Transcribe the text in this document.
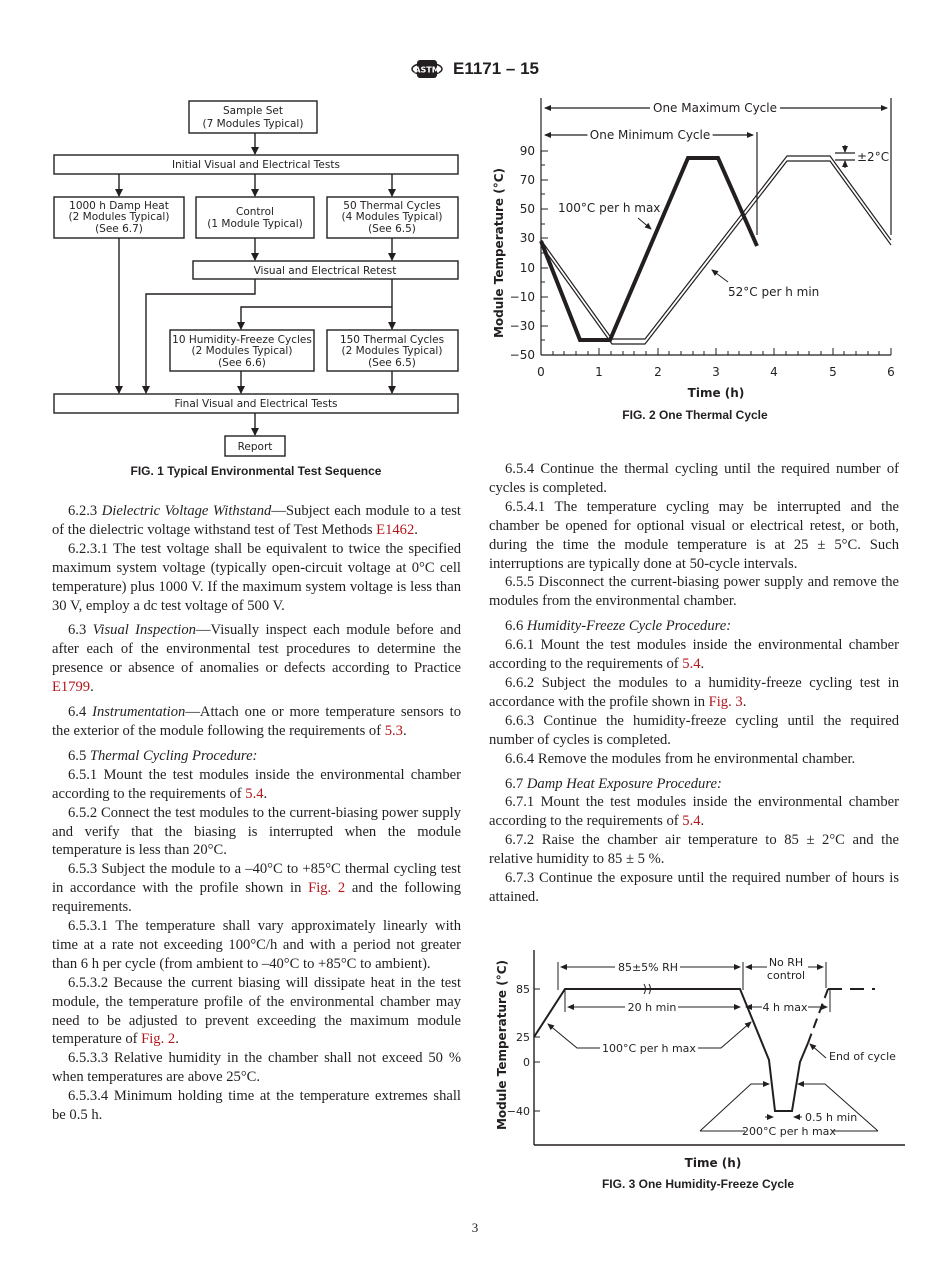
ASTM E1171 – 15
Sample Set
(7 Modules Typical)
Initial Visual and Electrical Tests
1000 h Damp Heat
(2 Modules Typical)
(See 6.7)
Control
(1 Module Typical)
50 Thermal Cycles
(4 Modules Typical)
(See 6.5)
Visual and Electrical Retest
10 Humidity-Freeze Cycles
(2 Modules Typical)
(See 6.6)
150 Thermal Cycles
(2 Modules Typical)
(See 6.5)
Final Visual and Electrical Tests
Report
FIG. 1 Typical Environmental Test Sequence
One Maximum Cycle
One Minimum Cycle
±2°C
100°C per h max
52°C per h min
90
70
50
30
10
−10
−30
−50
0	1	2	3	4	5	6
Time (h)
Module Temperature (°C)
FIG. 2 One Thermal Cycle

6.2.3 Dielectric Voltage Withstand—Subject each module to a test of the dielectric voltage withstand test of Test Methods E1462.

6.2.3.1 The test voltage shall be equivalent to twice the specified maximum system voltage (typically open-circuit voltage at 0°C cell temperature) plus 1000 V. If the maximum system voltage is less than 30 V, employ a dc test voltage of 500 V.

6.3 Visual Inspection—Visually inspect each module before and after each of the environmental test procedures to determine the presence or absence of anomalies or defects according to Practice E1799.

6.4 Instrumentation—Attach one or more temperature sensors to the exterior of the module following the requirements of 5.3.

6.5 Thermal Cycling Procedure:

6.5.1 Mount the test modules inside the environmental chamber according to the requirements of 5.4.

6.5.2 Connect the test modules to the current-biasing power supply and verify that the biasing is interrupted when the module temperature is less than 20°C.

6.5.3 Subject the module to a –40°C to +85°C thermal cycling test in accordance with the profile shown in Fig. 2 and the following requirements.

6.5.3.1 The temperature shall vary approximately linearly with time at a rate not exceeding 100°C/h and with a period not greater than 6 h per cycle (from ambient to –40°C to +85°C to ambient).

6.5.3.2 Because the current biasing will dissipate heat in the test module, the temperature profile of the environmental chamber may need to be adjusted to prevent exceeding the maximum module temperature of Fig. 2.

6.5.3.3 Relative humidity in the chamber shall not exceed 50 % when temperatures are above 25°C.

6.5.3.4 Minimum holding time at the temperature extremes shall be 0.5 h.

6.5.4 Continue the thermal cycling until the required number of cycles is completed.

6.5.4.1 The temperature cycling may be interrupted and the chamber be opened for optional visual or electrical retest, or both, during the time the module temperature is at 25 ± 5°C. Such interruptions are typically done at 50-cycle intervals.

6.5.5 Disconnect the current-biasing power supply and remove the modules from the environmental chamber.

6.6 Humidity-Freeze Cycle Procedure:

6.6.1 Mount the test modules inside the environmental chamber according to the requirements of 5.4.

6.6.2 Subject the modules to a humidity-freeze cycling test in accordance with the profile shown in Fig. 3.

6.6.3 Continue the humidity-freeze cycling until the required number of cycles is completed.

6.6.4 Remove the modules from he environmental chamber.

6.7 Damp Heat Exposure Procedure:

6.7.1 Mount the test modules inside the environmental chamber according to the requirements of 5.4.

6.7.2 Raise the chamber air temperature to 85 ± 2°C and the relative humidity to 85 ± 5 %.

6.7.3 Continue the exposure until the required number of hours is attained.

85±5% RH	No RH
control
20 h min	4 h max
100°C per h max
End of cycle
0.5 h min
200°C per h max
85
25
0
−40
Time (h)
Module Temperature (°C)
FIG. 3 One Humidity-Freeze Cycle
3
